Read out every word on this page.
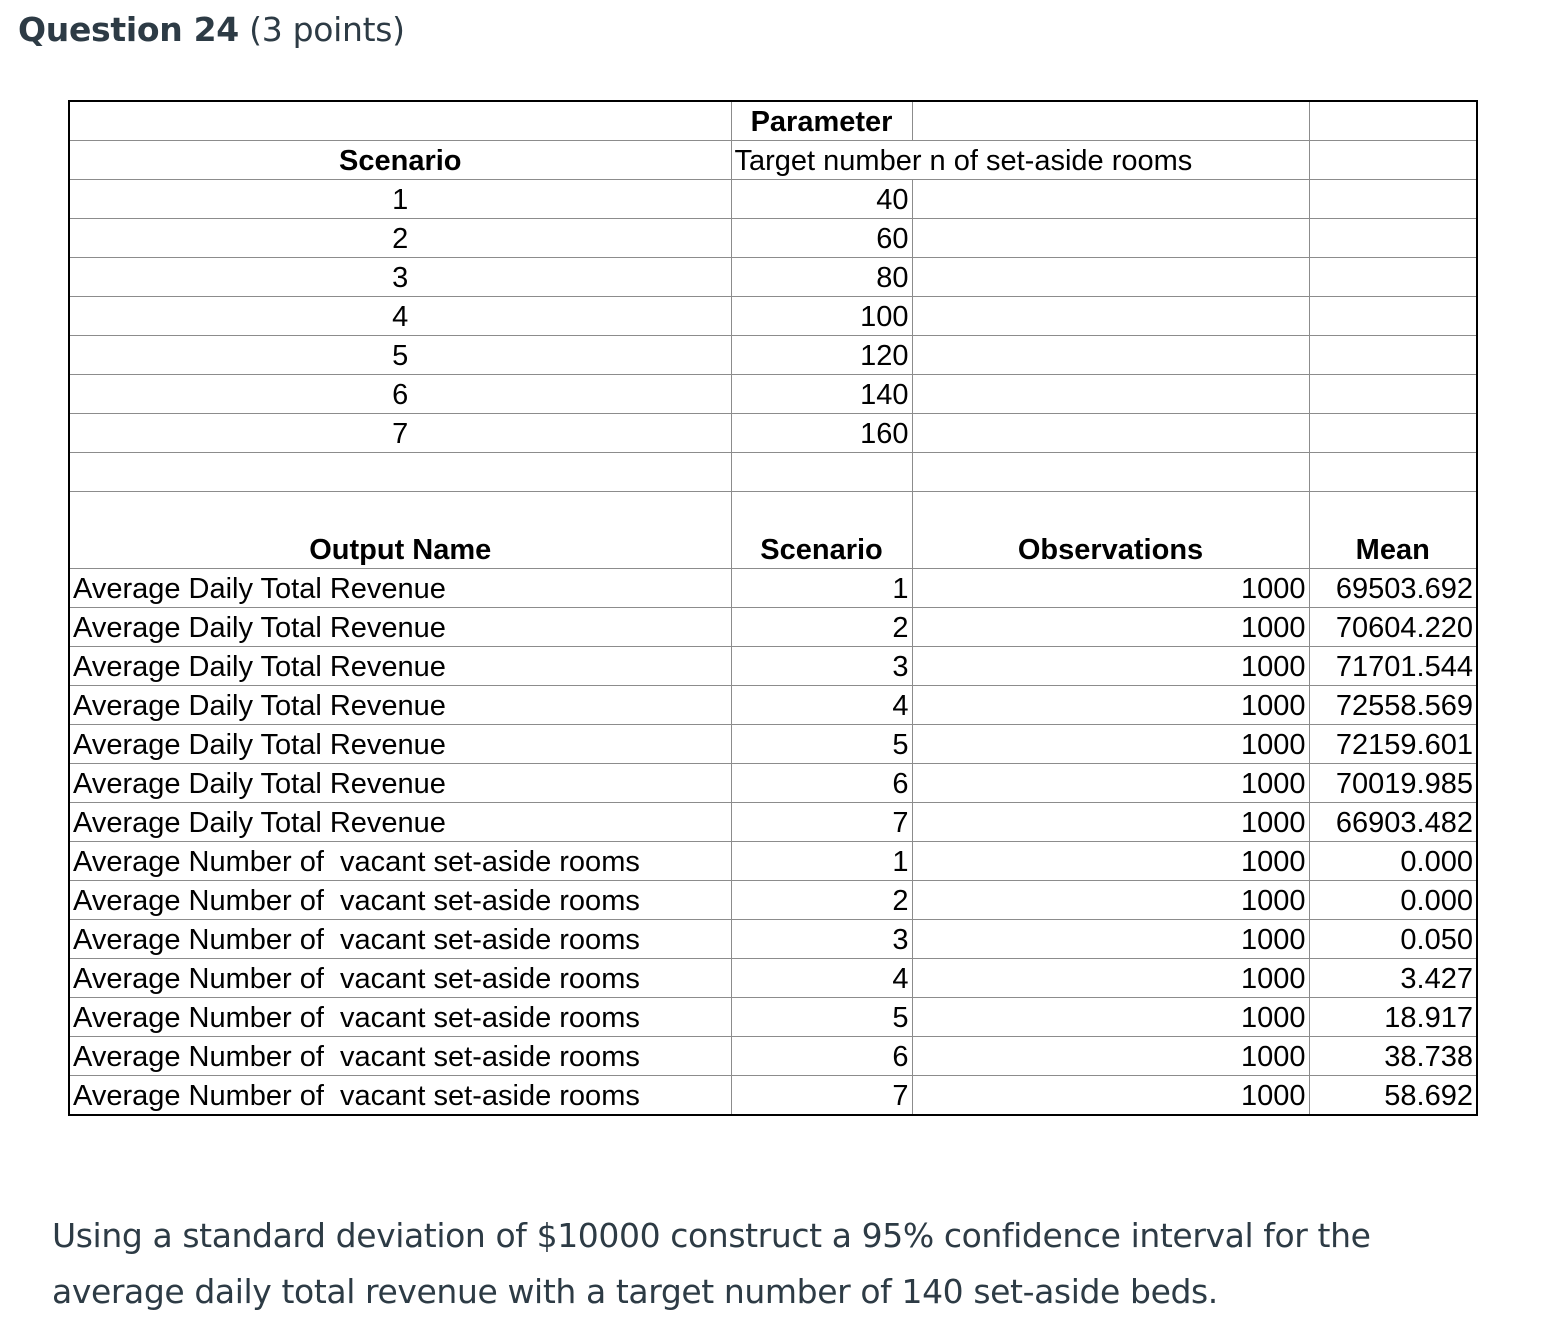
Question 24 (3 points)
	Parameter		
Scenario	Target number n of set-aside rooms		
1	40		
2	60		
3	80		
4	100		
5	120		
6	140		
7	160		

Output Name	Scenario	Observations	Mean
Average Daily Total Revenue	1	1000	69503.692
Average Daily Total Revenue	2	1000	70604.220
Average Daily Total Revenue	3	1000	71701.544
Average Daily Total Revenue	4	1000	72558.569
Average Daily Total Revenue	5	1000	72159.601
Average Daily Total Revenue	6	1000	70019.985
Average Daily Total Revenue	7	1000	66903.482
Average Number of  vacant set-aside rooms	1	1000	0.000
Average Number of  vacant set-aside rooms	2	1000	0.000
Average Number of  vacant set-aside rooms	3	1000	0.050
Average Number of  vacant set-aside rooms	4	1000	3.427
Average Number of  vacant set-aside rooms	5	1000	18.917
Average Number of  vacant set-aside rooms	6	1000	38.738
Average Number of  vacant set-aside rooms	7	1000	58.692
Using a standard deviation of $10000 construct a 95% confidence interval for the average daily total revenue with a target number of 140 set-aside beds.
